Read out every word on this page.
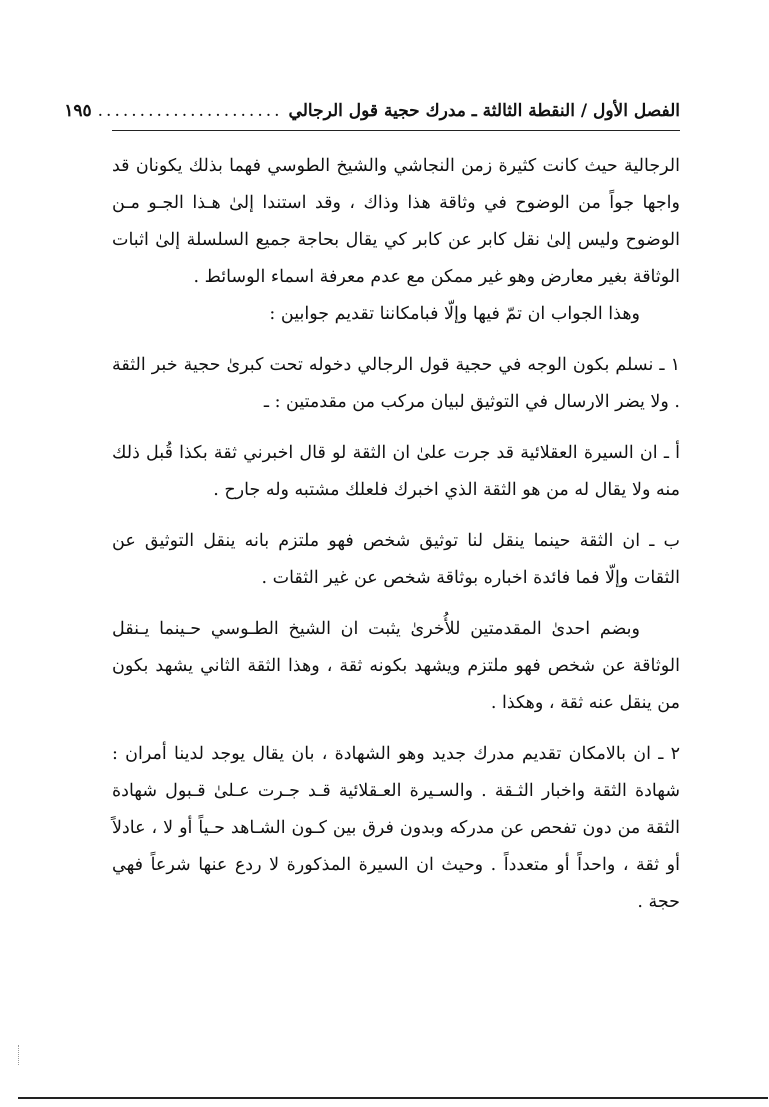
الفصل الأول / النقطة الثالثة ـ مدرك حجية قول الرجالي
......................
١٩٥

الرجالية حيث كانت كثيرة زمن النجاشي والشيخ الطوسي فهما بذلك يكونان قد واجها جواً من الوضوح في وثاقة هذا وذاك ، وقد استندا إلىٰ هـذا الجـو مـن الوضوح وليس إلىٰ نقل كابر عن كابر كي يقال بحاجة جميع السلسلة إلىٰ اثبات الوثاقة بغير معارض وهو غير ممكن مع عدم معرفة اسماء الوسائط .

وهذا الجواب ان تمّ فيها وإلّا فبامكاننا تقديم جوابين :

١ ـ نسلم بكون الوجه في حجية قول الرجالي دخوله تحت كبرىٰ حجية خبر الثقة . ولا يضر الارسال في التوثيق لبيان مركب من مقدمتين : ـ

أ ـ ان السيرة العقلائية قد جرت علىٰ ان الثقة لو قال اخبرني ثقة بكذا قُبل ذلك منه ولا يقال له من هو الثقة الذي اخبرك فلعلك مشتبه وله جارح .

ب ـ ان الثقة حينما ينقل لنا توثيق شخص فهو ملتزم بانه ينقل التوثيق عن الثقات وإلّا فما فائدة اخباره بوثاقة شخص عن غير الثقات .

وبضم احدىٰ المقدمتين للأُخرىٰ يثبت ان الشيخ الطـوسي حـينما يـنقل الوثاقة عن شخص فهو ملتزم ويشهد بكونه ثقة ، وهذا الثقة الثاني يشهد بكون من ينقل عنه ثقة ، وهكذا .

٢ ـ ان بالامكان تقديم مدرك جديد وهو الشهادة ، بان يقال يوجد لدينا أمران : شهادة الثقة واخبار الثـقة . والسـيرة العـقلائية قـد جـرت عـلىٰ قـبول شهادة الثقة من دون تفحص عن مدركه وبدون فرق بين كـون الشـاهد حـياً أو لا ، عادلاً أو ثقة ، واحداً أو متعدداً . وحيث ان السيرة المذكورة لا ردع عنها شرعاً فهي حجة .
